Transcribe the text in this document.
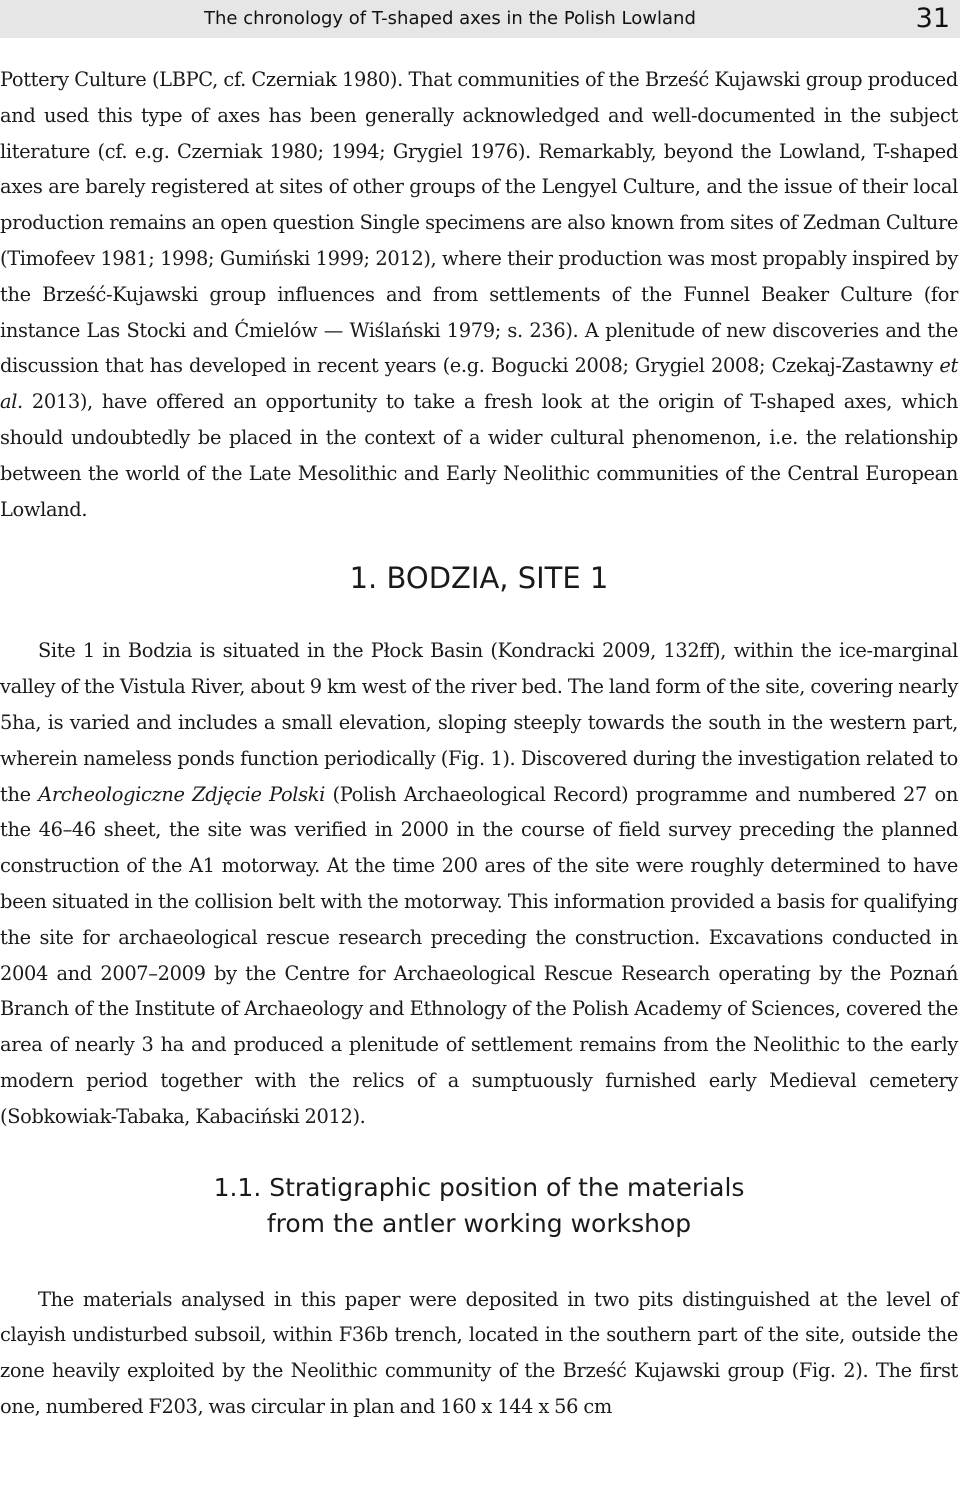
The chronology of T-shaped axes in the Polish Lowland	31

Pottery Culture (LBPC, cf. Czerniak 1980). That communities of the Brześć Kujawski group produced and used this type of axes has been generally acknowledged and well-documented in the subject literature (cf. e.g. Czerniak 1980; 1994; Grygiel 1976). Remarkably, beyond the Lowland, T-shaped axes are barely registered at sites of other groups of the Lengyel Culture, and the issue of their local production remains an open question Single specimens are also known from sites of Zedman Culture (Timofeev 1981; 1998; Gumiński 1999; 2012), where their production was most propably inspired by the Brześć-Kujawski group influences and from settlements of the Funnel Beaker Culture (for instance Las Stocki and Ćmielów — Wiślański 1979; s. 236). A plenitude of new discoveries and the discussion that has developed in recent years (e.g. Bogucki 2008; Grygiel 2008; Czekaj-Zastawny et al. 2013), have offered an opportunity to take a fresh look at the origin of T-shaped axes, which should undoubtedly be placed in the context of a wider cultural phenomenon, i.e. the relationship between the world of the Late Mesolithic and Early Neolithic communities of the Central European Lowland.

1. BODZIA, SITE 1

Site 1 in Bodzia is situated in the Płock Basin (Kondracki 2009, 132ff), within the ice-marginal valley of the Vistula River, about 9 km west of the river bed. The land form of the site, covering nearly 5ha, is varied and includes a small elevation, sloping steeply towards the south in the western part, wherein nameless ponds function periodically (Fig. 1). Discovered during the investigation related to the Archeologiczne Zdjęcie Polski (Polish Archaeological Record) programme and numbered 27 on the 46–46 sheet, the site was verified in 2000 in the course of field survey preceding the planned construction of the A1 motorway. At the time 200 ares of the site were roughly determined to have been situated in the collision belt with the motorway. This information provided a basis for qualifying the site for archaeological rescue research preceding the construction. Excavations conducted in 2004 and 2007–2009 by the Centre for Archaeological Rescue Research operating by the Poznań Branch of the Institute of Archaeology and Ethnology of the Polish Academy of Sciences, covered the area of nearly 3 ha and produced a plenitude of settlement remains from the Neolithic to the early modern period together with the relics of a sumptuously furnished early Medieval cemetery (Sobkowiak-Tabaka, Kabaciński 2012).

1.1. Stratigraphic position of the materials
from the antler working workshop

The materials analysed in this paper were deposited in two pits distinguished at the level of clayish undisturbed subsoil, within F36b trench, located in the southern part of the site, outside the zone heavily exploited by the Neolithic community of the Brześć Kujawski group (Fig. 2). The first one, numbered F203, was circular in plan and 160 x 144 x 56 cm
